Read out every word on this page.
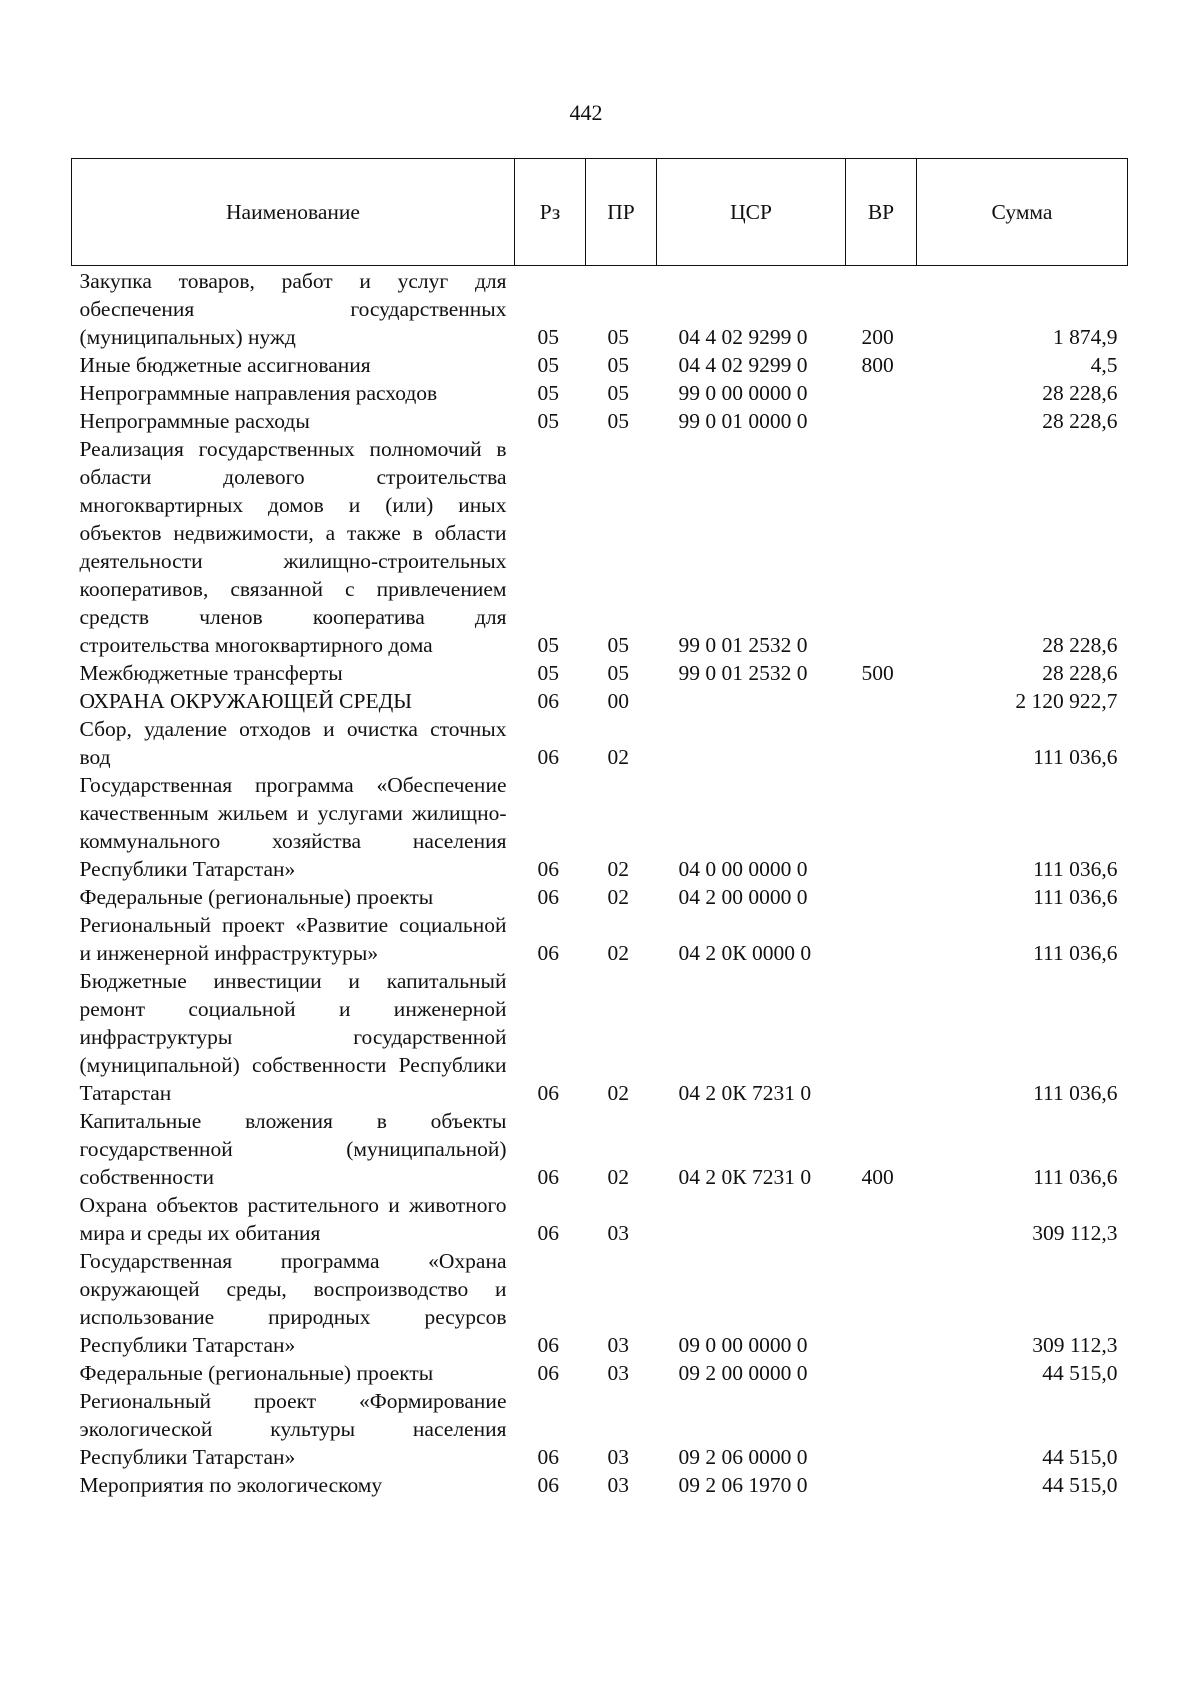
442
Наименование	Рз	ПР	ЦСР	ВР	Сумма
Закупка товаров, работ и услуг для обеспечения государственных (муниципальных) нужд	05	05	04 4 02 9299 0	200	1 874,9
Иные бюджетные ассигнования	05	05	04 4 02 9299 0	800	4,5
Непрограммные направления расходов	05	05	99 0 00 0000 0		28 228,6
Непрограммные расходы	05	05	99 0 01 0000 0		28 228,6
Реализация государственных полномочий в области долевого строительства многоквартирных домов и (или) иных объектов недвижимости, а также в области деятельности жилищно-строительных кооперативов, связанной с привлечением средств членов кооператива для строительства многоквартирного дома	05	05	99 0 01 2532 0		28 228,6
Межбюджетные трансферты	05	05	99 0 01 2532 0	500	28 228,6
ОХРАНА ОКРУЖАЮЩЕЙ СРЕДЫ	06	00			2 120 922,7
Сбор, удаление отходов и очистка сточных вод	06	02			111 036,6
Государственная программа «Обеспечение качественным жильем и услугами жилищно-коммунального хозяйства населения Республики Татарстан»	06	02	04 0 00 0000 0		111 036,6
Федеральные (региональные) проекты	06	02	04 2 00 0000 0		111 036,6
Региональный проект «Развитие социальной и инженерной инфраструктуры»	06	02	04 2 0К 0000 0		111 036,6
Бюджетные инвестиции и капитальный ремонт социальной и инженерной инфраструктуры государственной (муниципальной) собственности Республики Татарстан	06	02	04 2 0К 7231 0		111 036,6
Капитальные вложения в объекты государственной (муниципальной) собственности	06	02	04 2 0К 7231 0	400	111 036,6
Охрана объектов растительного и животного мира и среды их обитания	06	03			309 112,3
Государственная программа «Охрана окружающей среды, воспроизводство и использование природных ресурсов Республики Татарстан»	06	03	09 0 00 0000 0		309 112,3
Федеральные (региональные) проекты	06	03	09 2 00 0000 0		44 515,0
Региональный проект «Формирование экологической культуры населения Республики Татарстан»	06	03	09 2 06 0000 0		44 515,0
Мероприятия по экологическому	06	03	09 2 06 1970 0		44 515,0
